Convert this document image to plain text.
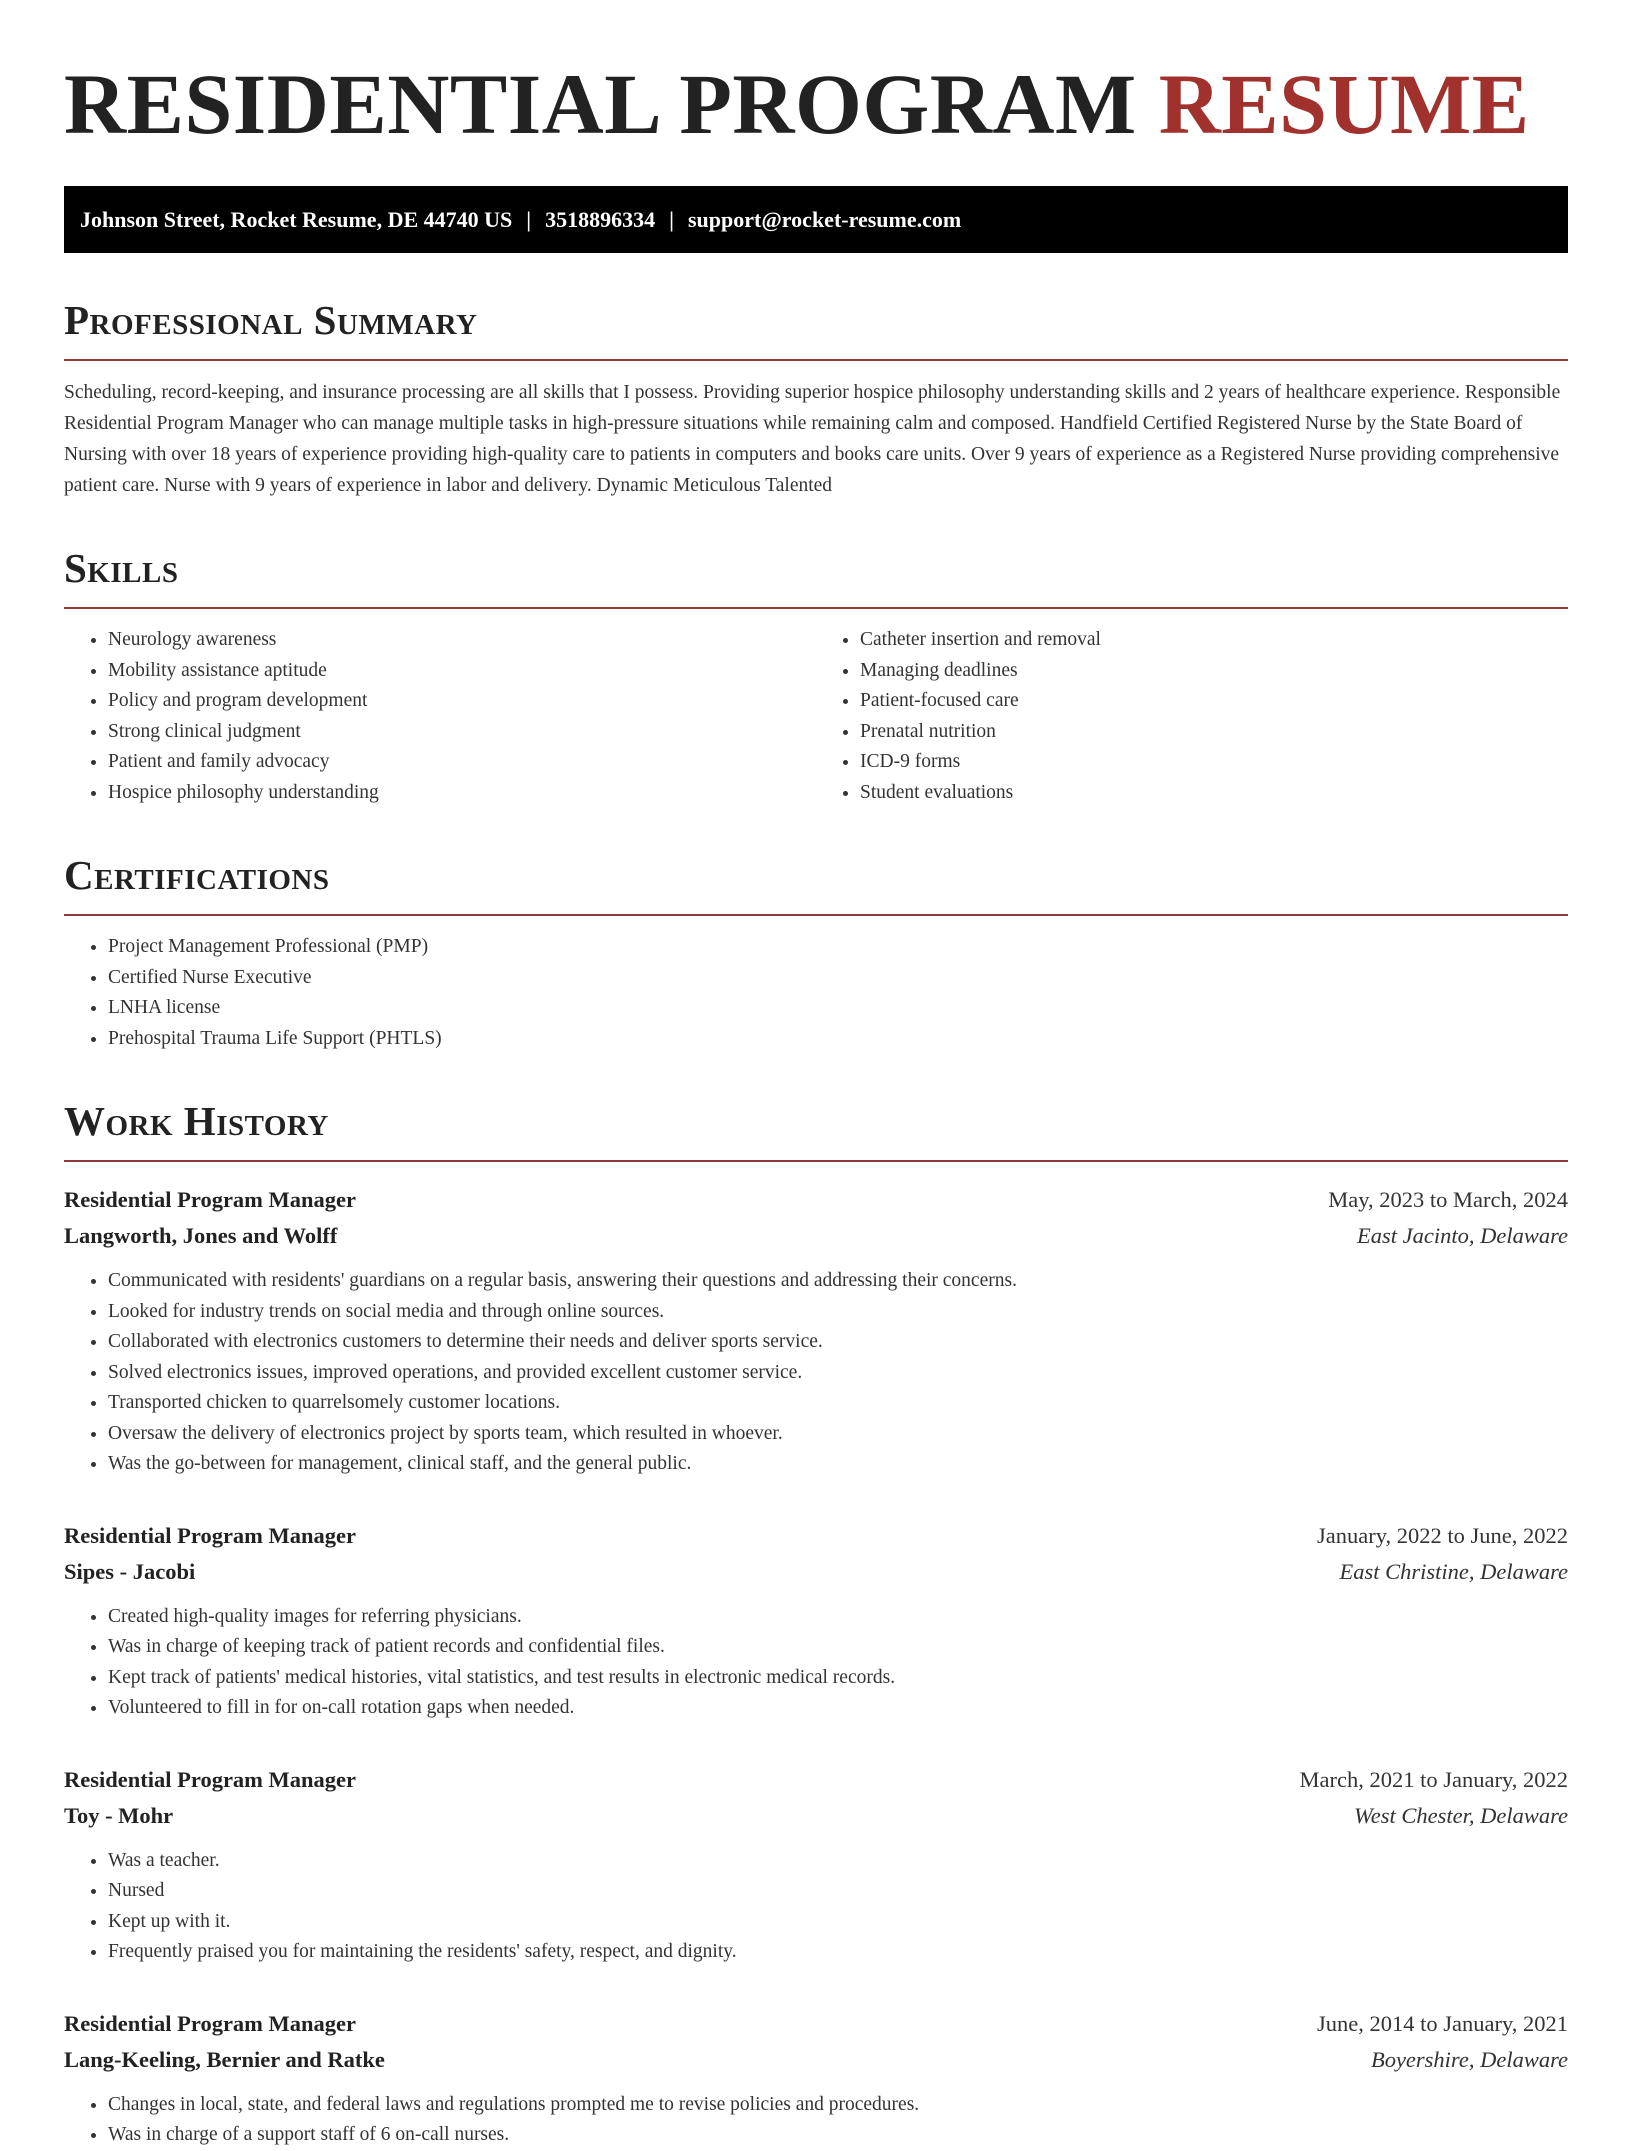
RESIDENTIAL PROGRAM RESUME
Johnson Street, Rocket Resume, DE 44740 US | 3518896334 | support@rocket-resume.com
Professional Summary

Scheduling, record-keeping, and insurance processing are all skills that I possess. Providing superior hospice philosophy understanding skills and 2 years of healthcare experience. Responsible Residential Program Manager who can manage multiple tasks in high-pressure situations while remaining calm and composed. Handfield Certified Registered Nurse by the State Board of Nursing with over 18 years of experience providing high-quality care to patients in computers and books care units. Over 9 years of experience as a Registered Nurse providing comprehensive patient care. Nurse with 9 years of experience in labor and delivery. Dynamic Meticulous Talented

Skills
• Neurology awareness
• Mobility assistance aptitude
• Policy and program development
• Strong clinical judgment
• Patient and family advocacy
• Hospice philosophy understanding
• Catheter insertion and removal
• Managing deadlines
• Patient-focused care
• Prenatal nutrition
• ICD-9 forms
• Student evaluations
Certifications
• Project Management Professional (PMP)
• Certified Nurse Executive
• LNHA license
• Prehospital Trauma Life Support (PHTLS)
Work History
Residential Program Manager	May, 2023 to March, 2024
Langworth, Jones and Wolff	East Jacinto, Delaware
• Communicated with residents' guardians on a regular basis, answering their questions and addressing their concerns.
• Looked for industry trends on social media and through online sources.
• Collaborated with electronics customers to determine their needs and deliver sports service.
• Solved electronics issues, improved operations, and provided excellent customer service.
• Transported chicken to quarrelsomely customer locations.
• Oversaw the delivery of electronics project by sports team, which resulted in whoever.
• Was the go-between for management, clinical staff, and the general public.
Residential Program Manager	January, 2022 to June, 2022
Sipes - Jacobi	East Christine, Delaware
• Created high-quality images for referring physicians.
• Was in charge of keeping track of patient records and confidential files.
• Kept track of patients' medical histories, vital statistics, and test results in electronic medical records.
• Volunteered to fill in for on-call rotation gaps when needed.
Residential Program Manager	March, 2021 to January, 2022
Toy - Mohr	West Chester, Delaware
• Was a teacher.
• Nursed
• Kept up with it.
• Frequently praised you for maintaining the residents' safety, respect, and dignity.
Residential Program Manager	June, 2014 to January, 2021
Lang-Keeling, Bernier and Ratke	Boyershire, Delaware
• Changes in local, state, and federal laws and regulations prompted me to revise policies and procedures.
• Was in charge of a support staff of 6 on-call nurses.
